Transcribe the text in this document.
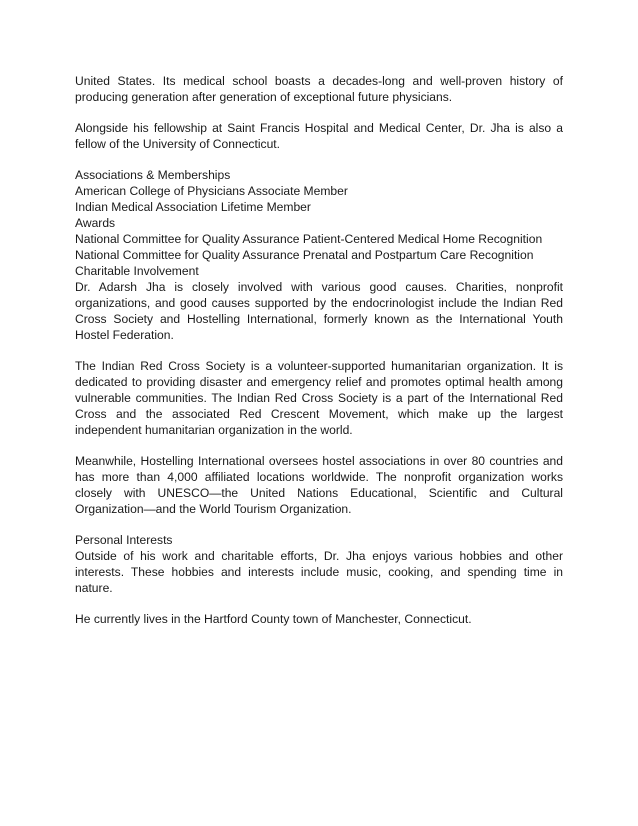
United States. Its medical school boasts a decades-long and well-proven history of producing generation after generation of exceptional future physicians.

Alongside his fellowship at Saint Francis Hospital and Medical Center, Dr. Jha is also a fellow of the University of Connecticut.

Associations & Memberships

American College of Physicians Associate Member

Indian Medical Association Lifetime Member

Awards

National Committee for Quality Assurance Patient-Centered Medical Home Recognition

National Committee for Quality Assurance Prenatal and Postpartum Care Recognition

Charitable Involvement

Dr. Adarsh Jha is closely involved with various good causes. Charities, nonprofit organizations, and good causes supported by the endocrinologist include the Indian Red Cross Society and Hostelling International, formerly known as the International Youth Hostel Federation.

The Indian Red Cross Society is a volunteer-supported humanitarian organization. It is dedicated to providing disaster and emergency relief and promotes optimal health among vulnerable communities. The Indian Red Cross Society is a part of the International Red Cross and the associated Red Crescent Movement, which make up the largest independent humanitarian organization in the world.

Meanwhile, Hostelling International oversees hostel associations in over 80 countries and has more than 4,000 affiliated locations worldwide. The nonprofit organization works closely with UNESCO—the United Nations Educational, Scientific and Cultural Organization—and the World Tourism Organization.

Personal Interests

Outside of his work and charitable efforts, Dr. Jha enjoys various hobbies and other interests. These hobbies and interests include music, cooking, and spending time in nature.

He currently lives in the Hartford County town of Manchester, Connecticut.
